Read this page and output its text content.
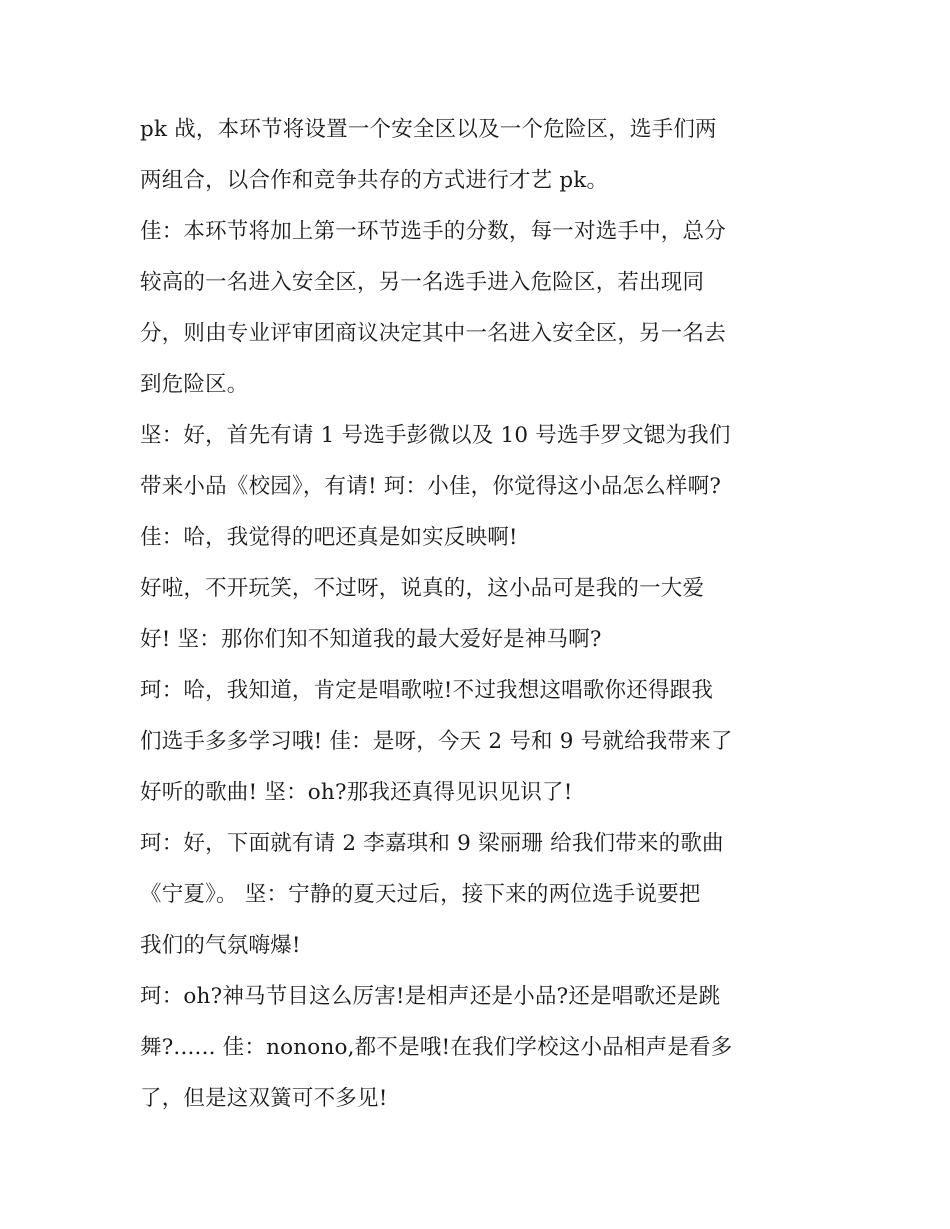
pk 战，本环节将设置一个安全区以及一个危险区，选手们两
两组合，以合作和竞争共存的方式进行才艺 pk。
佳：本环节将加上第一环节选手的分数，每一对选手中，总分
较高的一名进入安全区，另一名选手进入危险区，若出现同
分，则由专业评审团商议决定其中一名进入安全区，另一名去
到危险区。
坚：好，首先有请 1 号选手彭微以及 10 号选手罗文锶为我们
带来小品《校园》，有请! 珂：小佳，你觉得这小品怎么样啊?
佳：哈，我觉得的吧还真是如实反映啊!
好啦，不开玩笑，不过呀，说真的，这小品可是我的一大爱
好! 坚：那你们知不知道我的最大爱好是神马啊?
珂：哈，我知道，肯定是唱歌啦!不过我想这唱歌你还得跟我
们选手多多学习哦! 佳：是呀，今天 2 号和 9 号就给我带来了
好听的歌曲! 坚：oh?那我还真得见识见识了!
珂：好，下面就有请 2 李嘉琪和 9 梁丽珊 给我们带来的歌曲
《宁夏》。 坚：宁静的夏天过后，接下来的两位选手说要把
我们的气氛嗨爆!
珂：oh?神马节目这么厉害!是相声还是小品?还是唱歌还是跳
舞?...... 佳：nonono,都不是哦!在我们学校这小品相声是看多
了，但是这双簧可不多见!
